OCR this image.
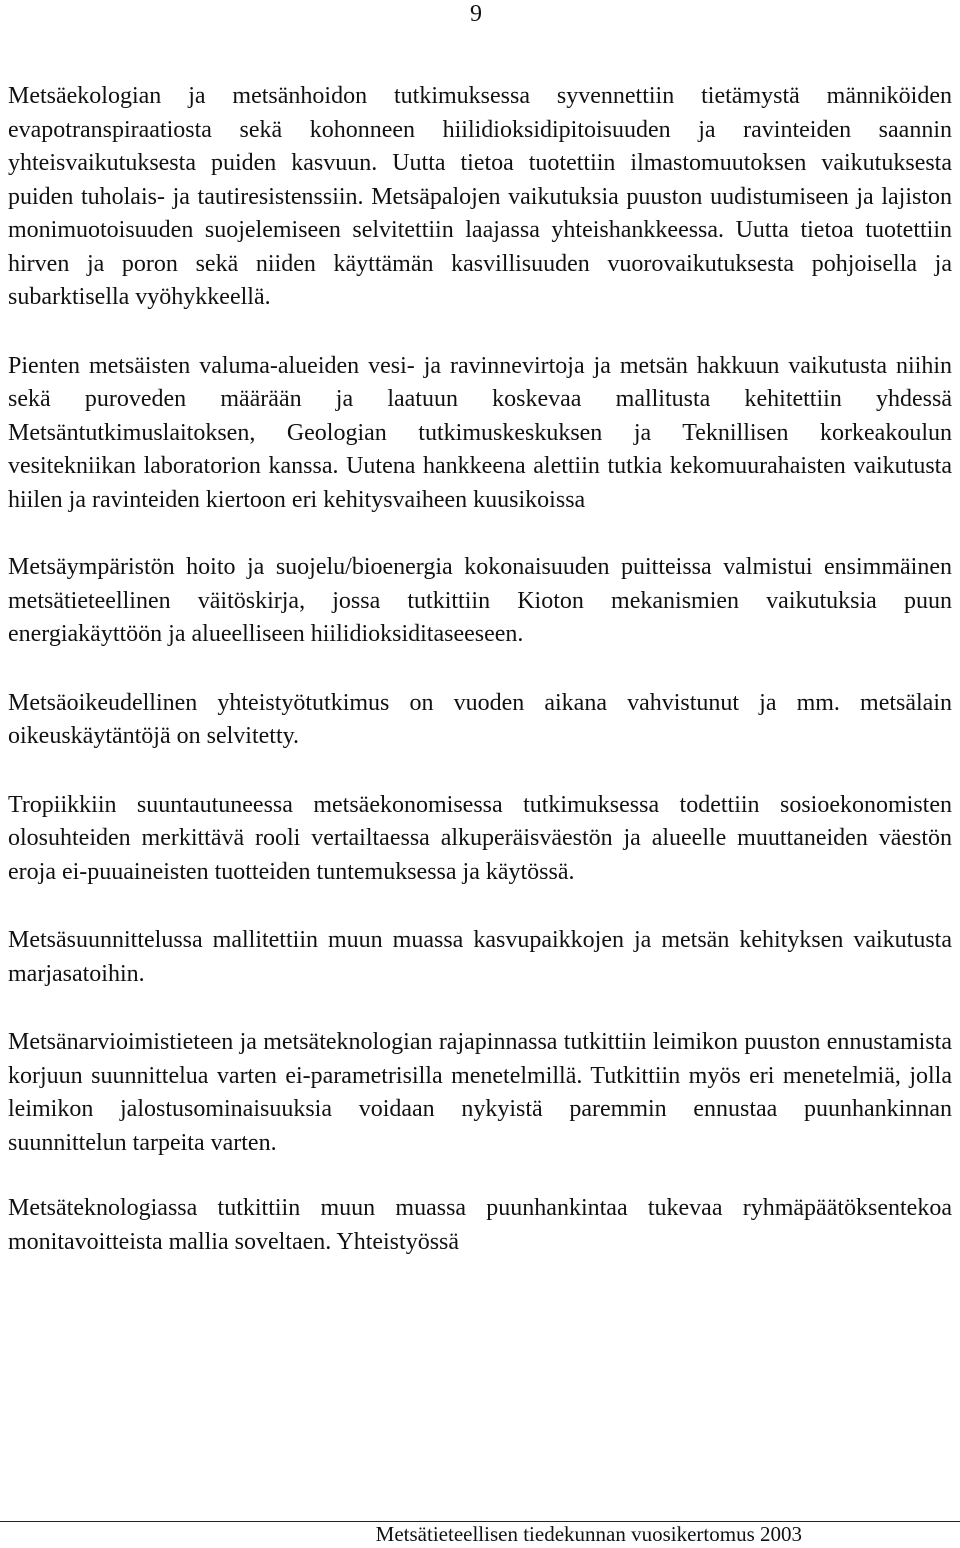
9

Metsäekologian ja metsänhoidon tutkimuksessa syvennettiin tietämystä männiköiden evapotranspiraatiosta sekä kohonneen hiilidioksidipitoisuuden ja ravinteiden saannin yhteisvaikutuksesta puiden kasvuun. Uutta tietoa tuotettiin ilmastomuutoksen vaikutuksesta puiden tuholais- ja tautiresistenssiin. Metsäpalojen vaikutuksia puuston uudistumiseen ja lajiston monimuotoisuuden suojelemiseen selvitettiin laajassa yhteishankkeessa. Uutta tietoa tuotettiin hirven ja poron sekä niiden käyttämän kasvillisuuden vuorovaikutuksesta pohjoisella ja subarktisella vyöhykkeellä.

Pienten metsäisten valuma-alueiden vesi- ja ravinnevirtoja ja metsän hakkuun vaikutusta niihin sekä puroveden määrään ja laatuun koskevaa mallitusta kehitettiin yhdessä Metsäntutkimuslaitoksen, Geologian tutkimuskeskuksen ja Teknillisen korkeakoulun vesitekniikan laboratorion kanssa. Uutena hankkeena alettiin tutkia kekomuurahaisten vaikutusta hiilen ja ravinteiden kiertoon eri kehitysvaiheen kuusikoissa

Metsäympäristön hoito ja suojelu/bioenergia kokonaisuuden puitteissa valmistui ensimmäinen metsätieteellinen väitöskirja, jossa tutkittiin Kioton mekanismien vaikutuksia puun energiakäyttöön ja alueelliseen hiilidioksiditaseeseen.

Metsäoikeudellinen yhteistyötutkimus on vuoden aikana vahvistunut ja mm. metsälain oikeuskäytäntöjä on selvitetty.

Tropiikkiin suuntautuneessa metsäekonomisessa tutkimuksessa todettiin sosioekonomisten olosuhteiden merkittävä rooli vertailtaessa alkuperäisväestön ja alueelle muuttaneiden väestön eroja ei-puuaineisten tuotteiden tuntemuksessa ja käytössä.

Metsäsuunnittelussa mallitettiin muun muassa kasvupaikkojen ja metsän kehityksen vaikutusta marjasatoihin.

Metsänarvioimistieteen ja metsäteknologian rajapinnassa tutkittiin leimikon puuston ennustamista korjuun suunnittelua varten ei-parametrisilla menetelmillä. Tutkittiin myös eri menetelmiä, jolla leimikon jalostusominaisuuksia voidaan nykyistä paremmin ennustaa puunhankinnan suunnittelun tarpeita varten.

Metsäteknologiassa tutkittiin muun muassa puunhankintaa tukevaa ryhmäpäätöksentekoa monitavoitteista mallia soveltaen. Yhteistyössä

Metsätieteellisen tiedekunnan vuosikertomus 2003
